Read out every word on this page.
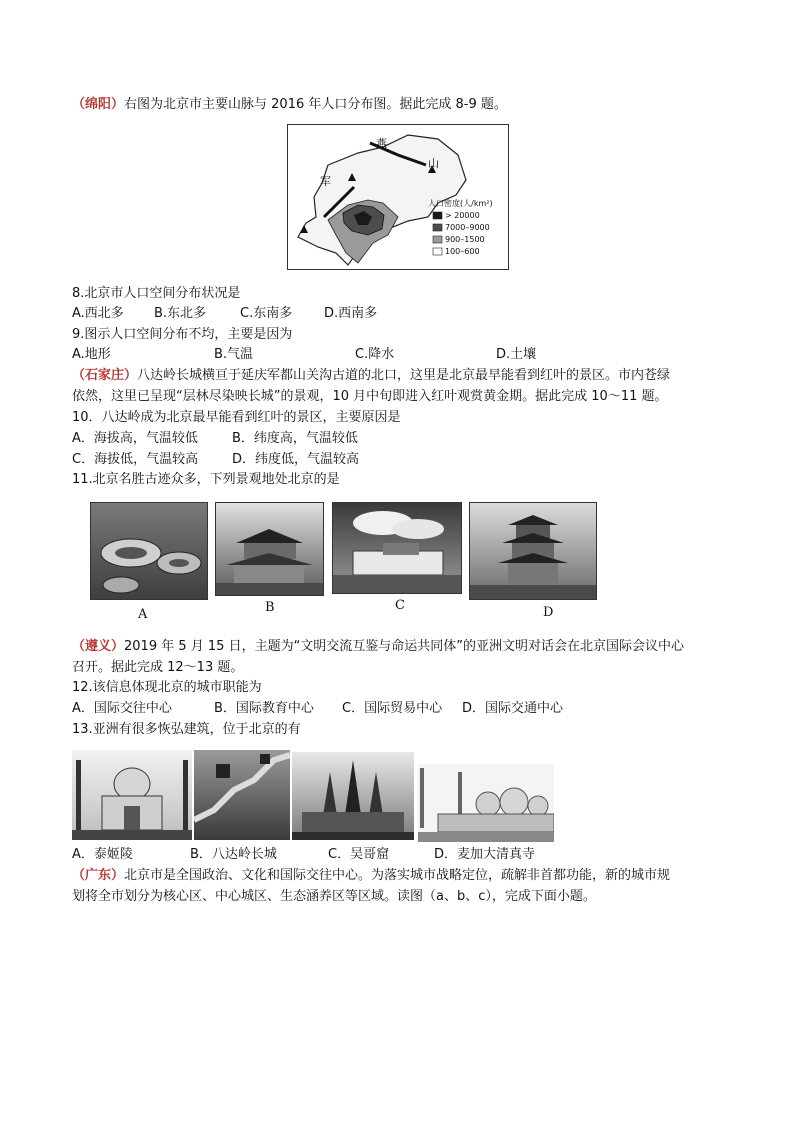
（绵阳）右图为北京市主要山脉与 2016 年人口分布图。据此完成 8-9 题。
燕
山
军
人口密度(人/km²)
> 20000
7000–9000
900–1500
100–600
8.北京市人口空间分布状况是
A.西北多 B.东北多	C.东南多 D.西南多
9.图示人口空间分布不均，主要是因为
A.地形	B.气温	C.降水	D.土壤
（石家庄）八达岭长城横亘于延庆军都山关沟古道的北口，这里是北京最早能看到红叶的景区。市内苍绿
依然，这里已呈现“层林尽染映长城”的景观，10 月中旬即进入红叶观赏黄金期。据此完成 10～11 题。
10．八达岭成为北京最早能看到红叶的景区，主要原因是
A．海拔高，气温较低	B．纬度高，气温较低
C．海拔低，气温较高	D．纬度低，气温较高
11.北京名胜古迹众多，下列景观地处北京的是
A	B	C	D
（遵义）2019 年 5 月 15 日，主题为“文明交流互鉴与命运共同体”的亚洲文明对话会在北京国际会议中心
召开。据此完成 12～13 题。
12.该信息体现北京的城市职能为
A．国际交往中心	B．国际教育中心 C．国际贸易中心 D．国际交通中心
13.亚洲有很多恢弘建筑，位于北京的有
A．泰姬陵	B．八达岭长城	C．吴哥窟	D．麦加大清真寺
（广东）北京市是全国政治、文化和国际交往中心。为落实城市战略定位，疏解非首都功能，新的城市规
划将全市划分为核心区、中心城区、生态涵养区等区域。读图（a、b、c），完成下面小题。
